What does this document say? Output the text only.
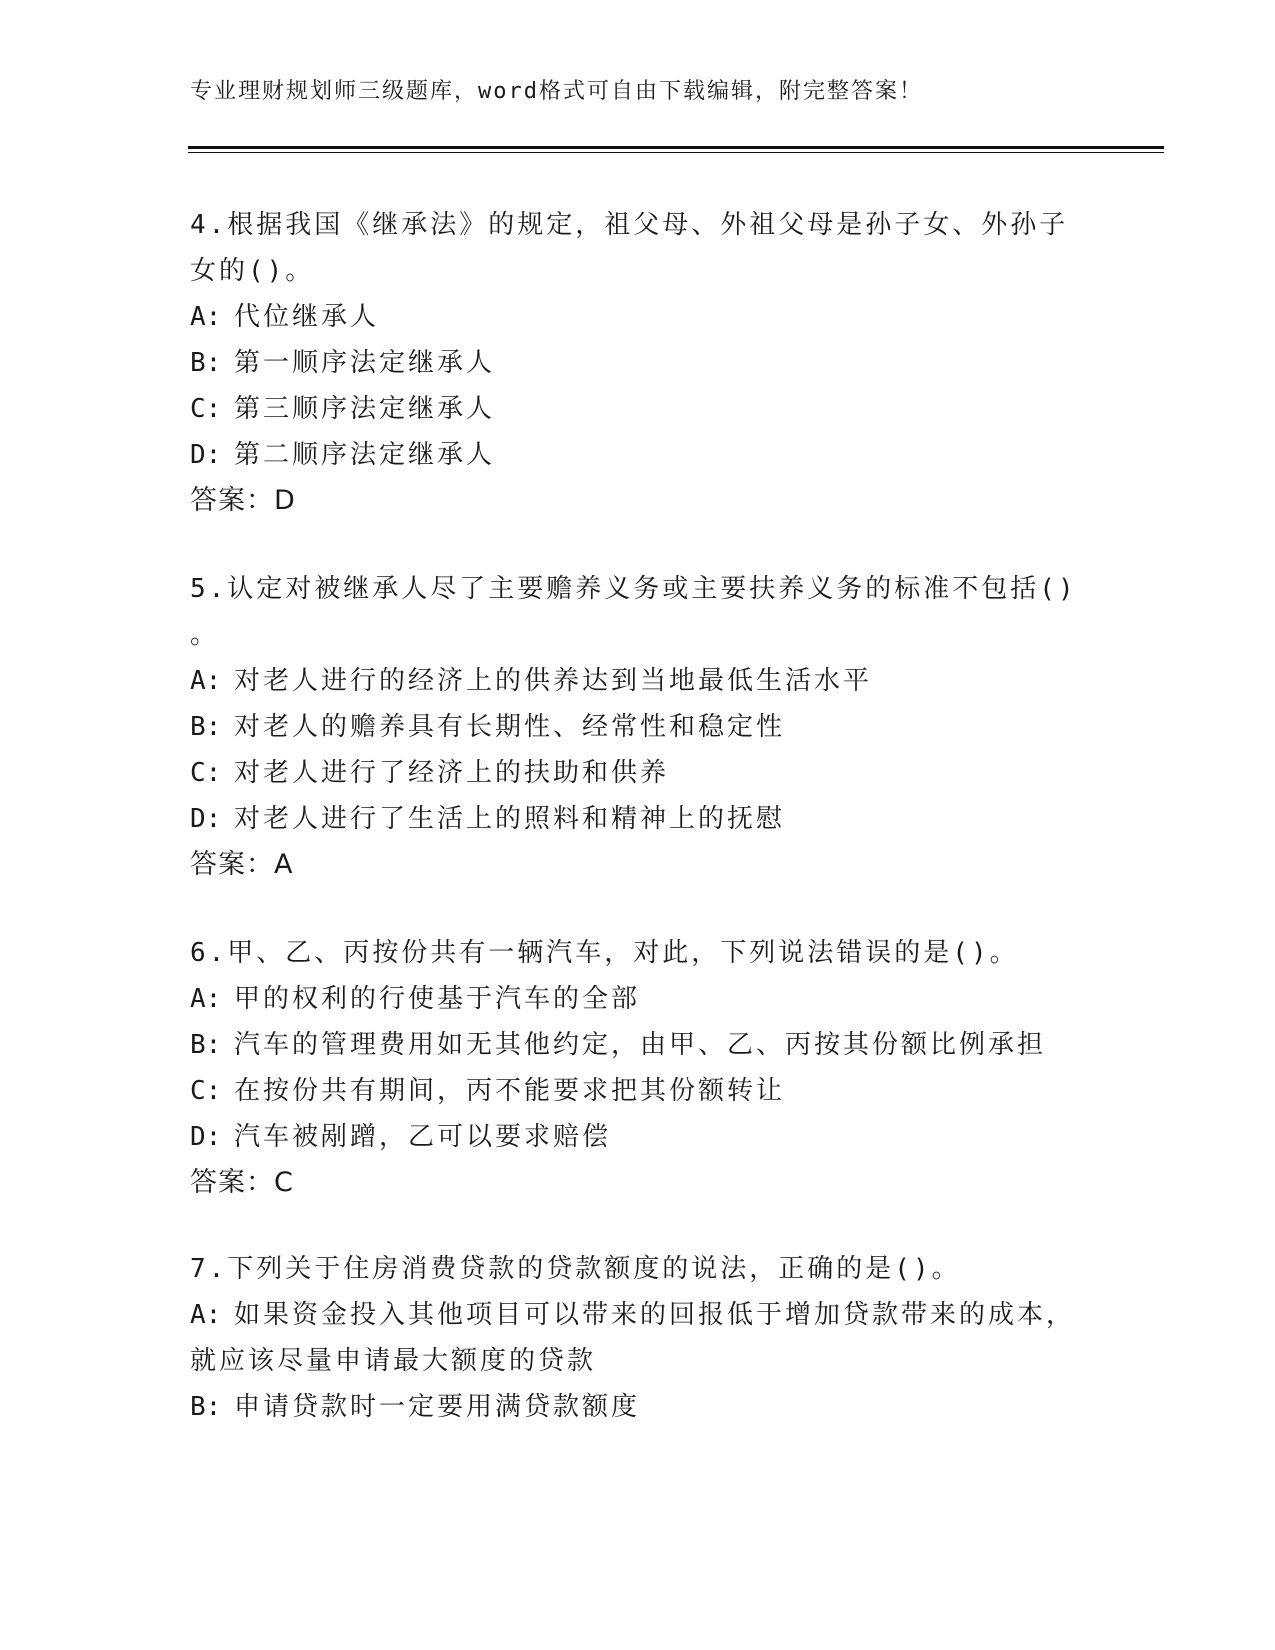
专业理财规划师三级题库，word格式可自由下载编辑，附完整答案！
4.根据我国《继承法》的规定，祖父母、外祖父母是孙子女、外孙子
女的()。
A: 代位继承人
B: 第一顺序法定继承人
C: 第三顺序法定继承人
D: 第二顺序法定继承人
答案：D
5.认定对被继承人尽了主要赡养义务或主要扶养义务的标准不包括()
。
A: 对老人进行的经济上的供养达到当地最低生活水平
B: 对老人的赡养具有长期性、经常性和稳定性
C: 对老人进行了经济上的扶助和供养
D: 对老人进行了生活上的照料和精神上的抚慰
答案：A
6.甲、乙、丙按份共有一辆汽车，对此，下列说法错误的是()。
A: 甲的权利的行使基于汽车的全部
B: 汽车的管理费用如无其他约定，由甲、乙、丙按其份额比例承担
C: 在按份共有期间，丙不能要求把其份额转让
D: 汽车被剐蹭，乙可以要求赔偿
答案：C
7.下列关于住房消费贷款的贷款额度的说法，正确的是()。
A: 如果资金投入其他项目可以带来的回报低于增加贷款带来的成本，
就应该尽量申请最大额度的贷款
B: 申请贷款时一定要用满贷款额度
